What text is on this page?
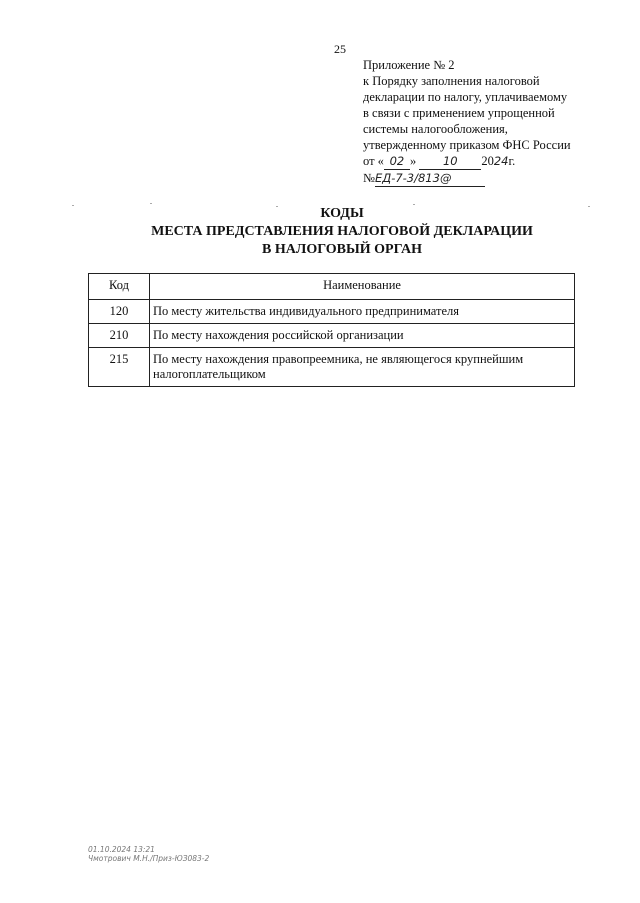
25
Приложение № 2
к Порядку заполнения налоговой
декларации по налогу, уплачиваемому
в связи с применением упрощенной
системы налогообложения,
утвержденному приказом ФНС России
от « 02 » 10 2024г.
№ЕД-7-3/813@
КОДЫ
МЕСТА ПРЕДСТАВЛЕНИЯ НАЛОГОВОЙ ДЕКЛАРАЦИИ
В НАЛОГОВЫЙ ОРГАН
Код	Наименование
120	По месту жительства индивидуального предпринимателя
210	По месту нахождения российской организации
215	По месту нахождения правопреемника, не являющегося крупнейшим налогоплательщиком
01.10.2024 13:21
Чмотрович М.Н./Приз-ЮЗ083-2
